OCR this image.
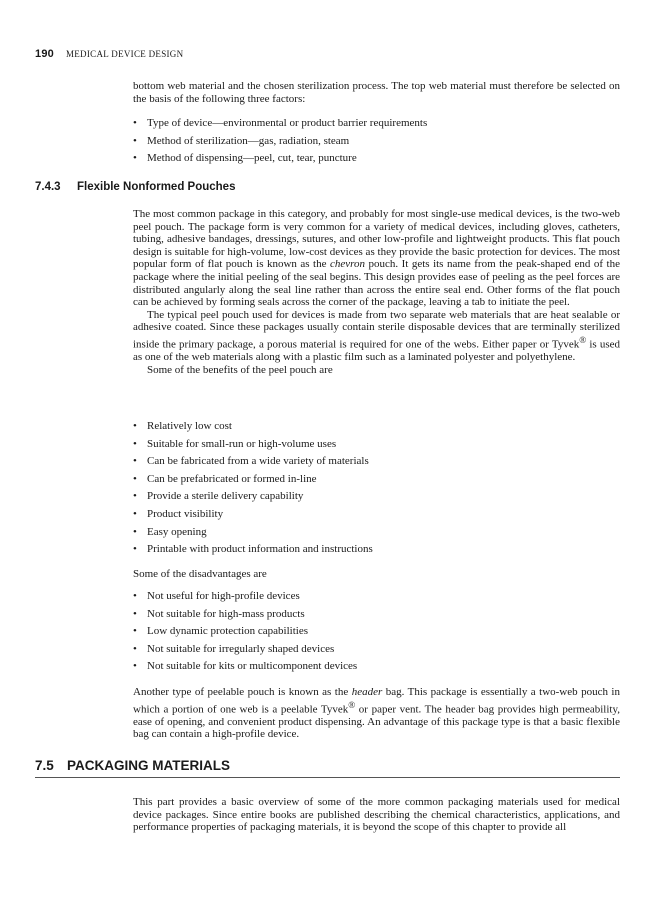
190 MEDICAL DEVICE DESIGN

bottom web material and the chosen sterilization process. The top web material must therefore be selected on the basis of the following three factors:

• Type of device—environmental or product barrier requirements
• Method of sterilization—gas, radiation, steam
• Method of dispensing—peel, cut, tear, puncture
7.4.3 Flexible Nonformed Pouches

The most common package in this category, and probably for most single-use medical devices, is the two-web peel pouch. The package form is very common for a variety of medical devices, including gloves, catheters, tubing, adhesive bandages, dressings, sutures, and other low-profile and lightweight products. This flat pouch design is suitable for high-volume, low-cost devices as they provide the basic protection for devices. The most popular form of flat pouch is known as the chevron pouch. It gets its name from the peak-shaped end of the package where the initial peeling of the seal begins. This design provides ease of peeling as the peel forces are distributed angularly along the seal line rather than across the entire seal end. Other forms of the flat pouch can be achieved by forming seals across the corner of the package, leaving a tab to initiate the peel.

The typical peel pouch used for devices is made from two separate web materials that are heat sealable or adhesive coated. Since these packages usually contain sterile disposable devices that are terminally sterilized inside the primary package, a porous material is required for one of the webs. Either paper or Tyvek® is used as one of the web materials along with a plastic film such as a laminated polyester and polyethylene.

Some of the benefits of the peel pouch are

• Relatively low cost
• Suitable for small-run or high-volume uses
• Can be fabricated from a wide variety of materials
• Can be prefabricated or formed in-line
• Provide a sterile delivery capability
• Product visibility
• Easy opening
• Printable with product information and instructions

Some of the disadvantages are

• Not useful for high-profile devices
• Not suitable for high-mass products
• Low dynamic protection capabilities
• Not suitable for irregularly shaped devices
• Not suitable for kits or multicomponent devices

Another type of peelable pouch is known as the header bag. This package is essentially a two-web pouch in which a portion of one web is a peelable Tyvek® or paper vent. The header bag provides high permeability, ease of opening, and convenient product dispensing. An advantage of this package type is that a basic flexible bag can contain a high-profile device.

7.5 PACKAGING MATERIALS

This part provides a basic overview of some of the more common packaging materials used for medical device packages. Since entire books are published describing the chemical characteristics, applications, and performance properties of packaging materials, it is beyond the scope of this chapter to provide all
